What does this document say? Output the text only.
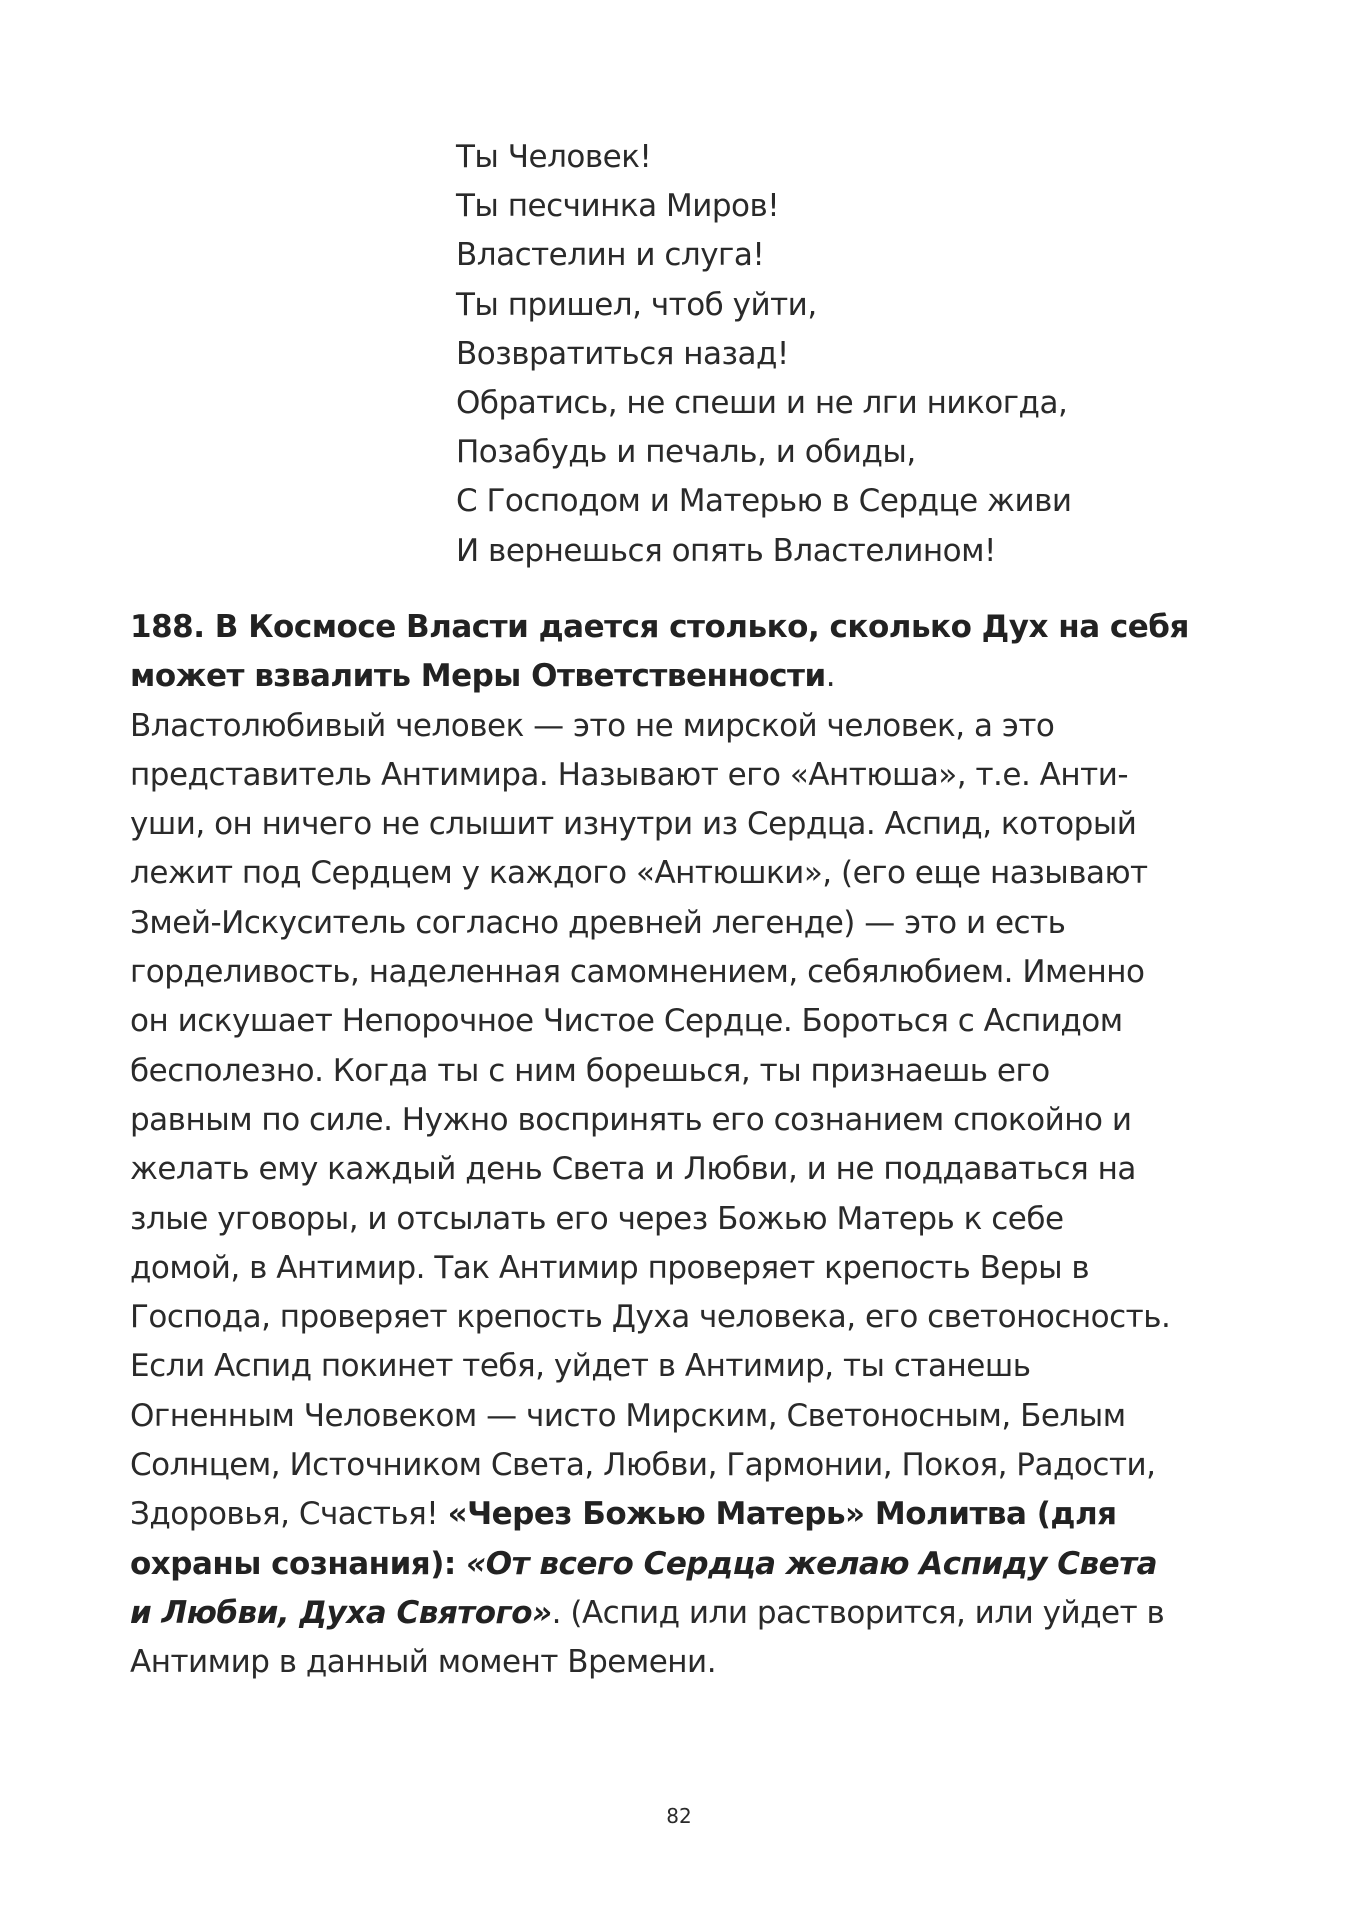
Ты Человек!
Ты песчинка Миров!
Властелин и слуга!
Ты пришел, чтоб уйти,
Возвратиться назад!
Обратись, не спеши и не лги никогда,
Позабудь и печаль, и обиды,
С Господом и Матерью в Сердце живи
И вернешься опять Властелином!
188. В Космосе Власти дается столько, сколько Дух на себя
может взвалить Меры Ответственности.
Властолюбивый человек — это не мирской человек, а это
представитель Антимира. Называют его «Антюша», т.е. Анти-
уши, он ничего не слышит изнутри из Сердца. Аспид, который
лежит под Сердцем у каждого «Антюшки», (его еще называют
Змей-Искуситель согласно древней легенде) — это и есть
горделивость, наделенная самомнением, себялюбием. Именно
он искушает Непорочное Чистое Сердце. Бороться с Аспидом
бесполезно. Когда ты с ним борешься, ты признаешь его
равным по силе. Нужно воспринять его сознанием спокойно и
желать ему каждый день Света и Любви, и не поддаваться на
злые уговоры, и отсылать его через Божью Матерь к себе
домой, в Антимир. Так Антимир проверяет крепость Веры в
Господа, проверяет крепость Духа человека, его светоносность.
Если Аспид покинет тебя, уйдет в Антимир, ты станешь
Огненным Человеком — чисто Мирским, Светоносным, Белым
Солнцем, Источником Света, Любви, Гармонии, Покоя, Радости,
Здоровья, Счастья! «Через Божью Матерь» Молитва (для
охраны сознания): «От всего Сердца желаю Аспиду Света
и Любви, Духа Святого». (Аспид или растворится, или уйдет в
Антимир в данный момент Времени.
82
